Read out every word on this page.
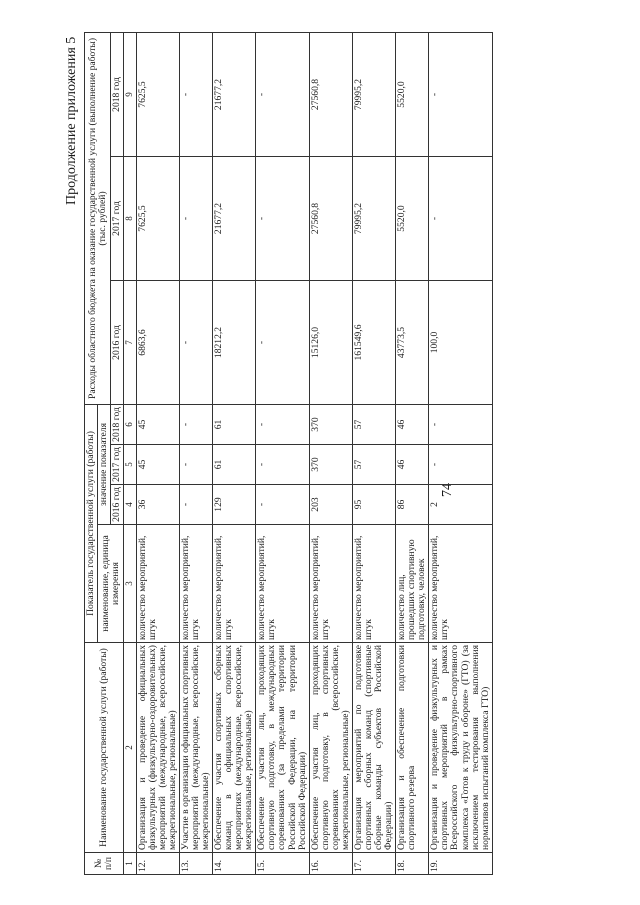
74
Продолжение приложения 5
№ п/п	Наименование государственной услуги (работы)	Показатель государственной услуги (работы)				Расходы областного бюджета на оказание государственной услуги (выполнение работы) (тыс. рублей)		
		наименование, единица измерения	значение показателя					
			2016 год	2017 год	2018 год	2016 год	2017 год	2018 год
1	2	3	4	5	6	7	8	9
12.	Организация и проведение официальных физкультурных (физкультурно-оздоровительных) мероприятий (международные, всероссийские, межрегиональные, региональные)	количество мероприятий, штук	36	45	45	6863,6	7625,5	7625,5
13.	Участие в организации официальных спортивных мероприятий (международные, всероссийские, межрегиональные)	количество мероприятий, штук	-	-	-	-	-	-
14.	Обеспечение участия спортивных сборных команд в официальных спортивных мероприятиях (международные, всероссийские, межрегиональные, региональные)	количество мероприятий, штук	129	61	61	18212,2	21677,2	21677,2
15.	Обеспечение участия лиц, проходящих спортивную подготовку, в международных соревнованиях (за пределами территории Российской Федерации, на территории Российской Федерации)	количество мероприятий, штук	-	-	-	-	-	-
16.	Обеспечение участия лиц, проходящих спортивную подготовку, в спортивных соревнованиях (всероссийские, межрегиональные, региональные)	количество мероприятий, штук	203	370	370	15126,0	27560,8	27560,8
17.	Организация мероприятий по подготовке спортивных сборных команд (спортивные сборные команды субъектов Российской Федерации)	количество мероприятий, штук	95	57	57	161549,6	79995,2	79995,2
18.	Организация и обеспечение подготовки спортивного резерва	количество лиц, прошедших спортивную подготовку, человек	86	46	46	43773,5	5520,0	5520,0
19.	Организация и проведение физкультурных и спортивных мероприятий в рамках Всероссийского физкультурно-спортивного комплекса «Готов к труду и обороне» (ГТО) (за исключением тестирования выполнения нормативов испытаний комплекса ГТО)	количество мероприятий, штук	2	-	-	100,0	-	-
